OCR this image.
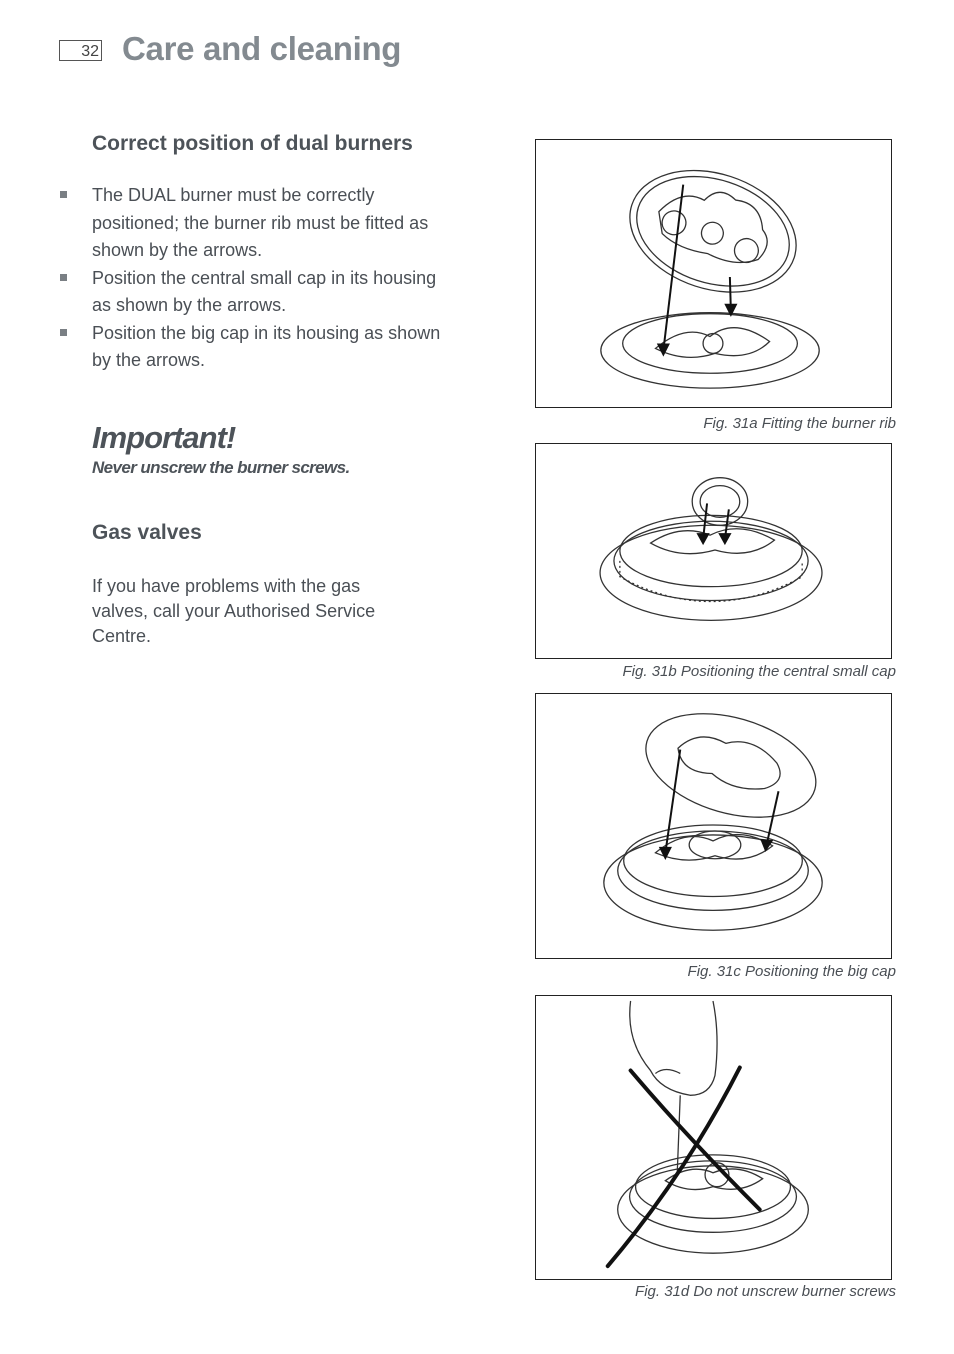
32 Care and cleaning
Correct position of dual burners
The DUAL burner must be correctly positioned; the burner rib must be fitted as shown by the arrows.
Position the central small cap in its housing as shown by the arrows.
Position the big cap in its housing as shown by the arrows.
Important!
Never unscrew the burner screws.
Gas valves

If you have problems with the gas valves, call your Authorised Service Centre.

Fig. 31a Fitting the burner rib
Fig. 31b Positioning the central small cap
Fig. 31c Positioning the big cap
Fig. 31d Do not unscrew burner screws
